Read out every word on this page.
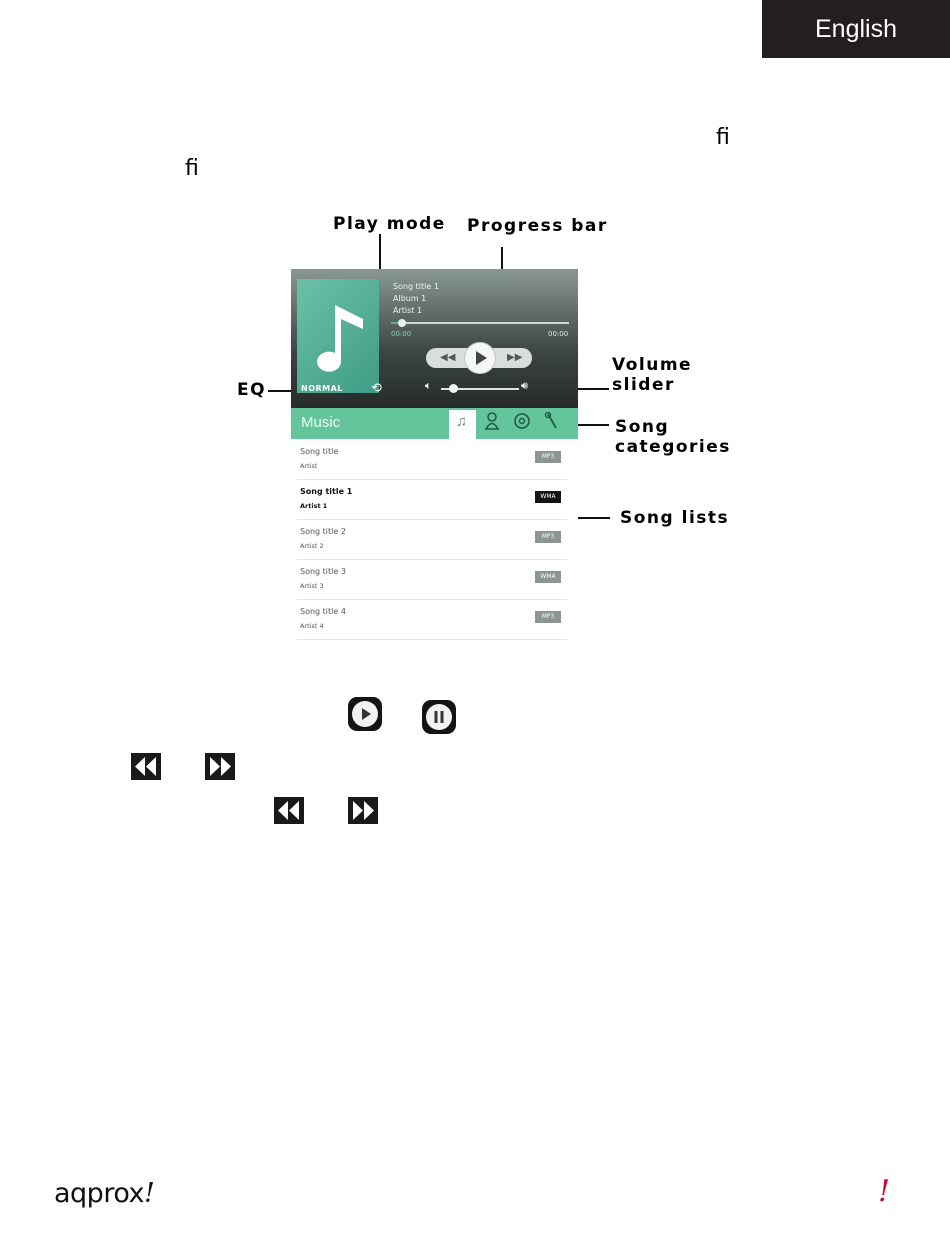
English
ﬁ
ﬁ
Play mode Progress bar
Volume
slider
EQ
Song
categories
Song lists
Song title 1
Album 1
Artist 1
00:00	00:00
◀◀	▶▶
NORMAL ⟲	🔈︎	🔊︎
Music	♫
Song title
Artist
MP3
Song title 1
Artist 1
WMA
Song title 2
Artist 2
MP3
Song title 3
Artist 3
WMA
Song title 4
Artist 4
MP3
aqprox!	!
